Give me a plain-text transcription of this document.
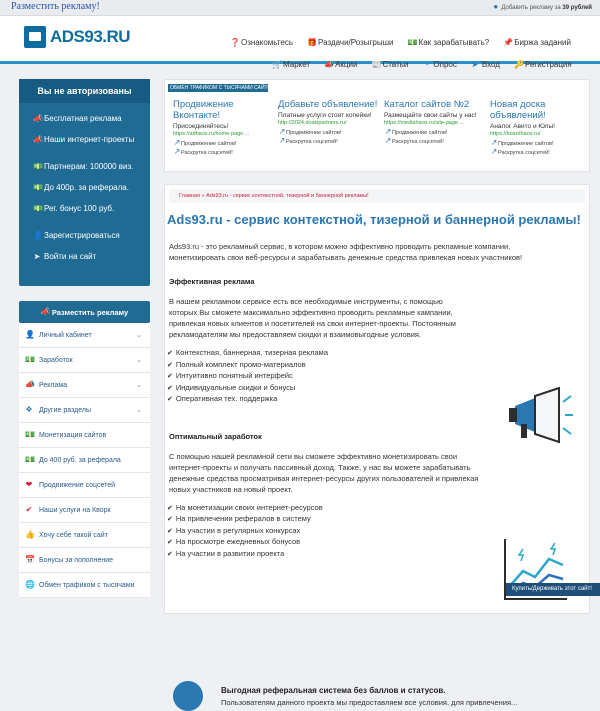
Разместить рекламу!	● Добавить рекламу за 39 рублей
ADS93.RU	❓ Ознакомьтесь 🎁 Раздачи/Розыгрыши 💵 Как зарабатывать? 📌 Биржа заданий
🛒 Маркет 📣 Акции 📰 Статьи ◔ Опрос ➤ Вход 🔑 Регистрация
Вы не авторизованы
📣 Бесплатная реклама
📣 Наши интернет-проекты
💵 Партнерам: 100000 виз.
💵 До 400р. за реферала.
💵 Рег. бонус 100 руб.
👤 Зарегистрироваться
➤ Войти на сайт
📣 Разместить рекламу
👤 Личный кабинет	⌄
💵 Заработок	⌄
📣 Реклама	⌄
❖ Другие разделы	⌄
💵 Монетизация сайтов
💵 До 400 руб. за реферала
❤ Продвижение соцсетей
✔ Наши услуги на Кворк
👍 Хочу себе такой сайт
📅 Бонусы за пополнение
🌐 Обмен трафиком с тысячами
ОБМЕН ТРАФИКОМ С ТЫСЯЧАМИ САЙТОВ
Продвижение Вконтакте!
Присоединяйтесь!
https://adhaos.ru/home-page ...
↗Продвижение сайтов!
↗Раскрутка соцсетей!
Добавьте объявление!
Платные услуги стоят копейки!
http://2024.doskipartners.ru/
↗Продвижение сайтов!
↗Раскрутка соцсетей!
Каталог сайтов №2
Размещайте свои сайты у нас!
https://mediahaos.ru/site-page ...
↗Продвижение сайтов!
↗Раскрутка соцсетей!
Новая доска объявлений!
Аналог Авито и Юлы!
https://boardhaos.ru/
↗Продвижение сайтов!
↗Раскрутка соцсетей!
Главная » Ads93.ru - сервис контекстной, тизерной и баннерной рекламы!
Ads93.ru - сервис контекстной, тизерной и баннерной рекламы!
Ads93.ru - это рекламный сервис, в котором можно эффективно проводить рекламные компании, монетизировать свои веб-ресурсы и зарабатывать денежные средства привлекая новых участников!
Эффективная реклама
В нашем рекламном сервисе есть все необходимые инструменты, с помощью которых Вы сможете максимально эффективно проводить рекламные кампании, привлекая новых клиентов и посетителей на свои интернет-проекты. Постоянным рекламодателям мы предоставляем скидки и взаимовыгодные условия.
✔ Контекстная, баннерная, тизерная реклама
✔ Полный комплект промо-материалов
✔ Интуитивно понятный интерфейс
✔ Индивидуальные скидки и бонусы
✔ Оперативная тех. поддержка
Оптимальный заработок
С помощью нашей рекламной сети вы сможете эффективно монетизировать свои интернет-проекты и получать пассивный доход. Также, у нас вы можете зарабатывать денежные средства просматривая интернет-ресурсы других пользователей и привлекая новых участников на новый проект.
✔ На монетизации своих интернет-ресурсов
✔ На привлечении рефералов в систему
✔ На участии в регулярных конкурсах
✔ На просмотре ежедневных бонусов
✔ На участии в развитии проекта
Выгодная реферальная система без баллов и статусов.
Пользователям данного проекта мы предоставляем все условия, для привлечения...
Купить/Держивать этот сайт!
